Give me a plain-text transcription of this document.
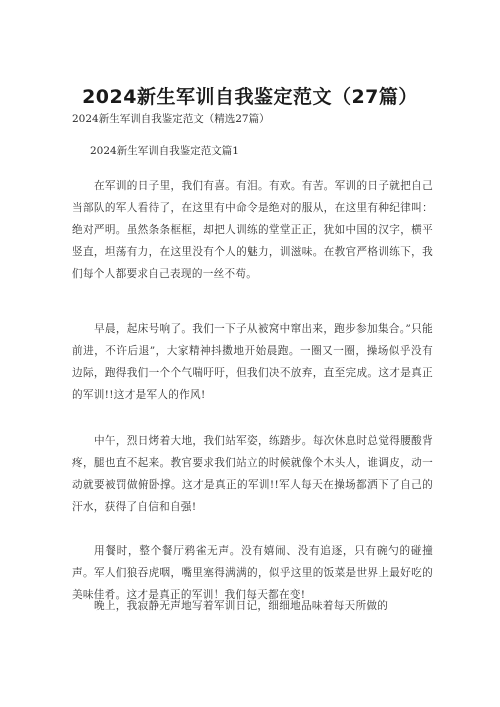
2024新生军训自我鉴定范文（27篇）
2024新生军训自我鉴定范文（精选27篇）
2024新生军训自我鉴定范文篇1
在军训的日子里，我们有喜。有泪。有欢。有苦。军训的日子就把自己当部队的军人看待了，在这里有中命令是绝对的服从，在这里有种纪律叫：绝对严明。虽然条条框框，却把人训练的堂堂正正，犹如中国的汉字，横平竖直，坦荡有力，在这里没有个人的魅力，训滋味。在教官严格训练下，我们每个人都要求自己表现的一丝不苟。
早晨，起床号响了。我们一下子从被窝中窜出来，跑步参加集合。”只能前进，不许后退”，大家精神抖擞地开始晨跑。一圈又一圈，操场似乎没有边际，跑得我们一个个气喘吁吁，但我们决不放弃，直至完成。这才是真正的军训!!这才是军人的作风!
中午，烈日烤着大地，我们站军姿，练踏步。每次休息时总觉得腰酸背疼，腿也直不起来。教官要求我们站立的时候就像个木头人，谁调皮，动一动就要被罚做俯卧撑。这才是真正的军训!!军人每天在操场都洒下了自己的汗水，获得了自信和自强!
用餐时，整个餐厅鸦雀无声。没有嬉闹、没有追逐，只有碗勺的碰撞声。军人们狼吞虎咽，嘴里塞得满满的，似乎这里的饭菜是世界上最好吃的美味佳肴。这才是真正的军训！我们每天都在变!
晚上，我寂静无声地写着军训日记，细细地品味着每天所做的
